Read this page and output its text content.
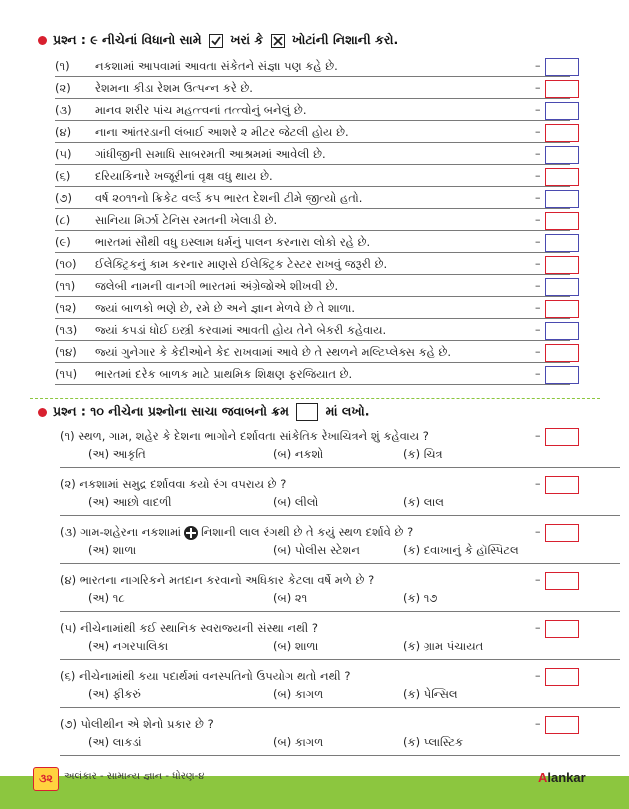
પ્રશ્ન : ૯ નીચેનાં વિધાનો સામે ખરાં કે ☒ ખોટાંની નિશાની કરો.
(૧)	નકશામાં આપવામાં આવતા સંકેતને સંજ્ઞા પણ કહે છે.	–
(૨)	રેશમના કીડા રેશમ ઉત્પન્ન કરે છે.	–
(૩)	માનવ શરીર પાંચ મહત્ત્વનાં તત્ત્વોનું બનેલું છે.	–
(૪)	નાના આંતરડાની લંબાઈ આશરે ૨ મીટર જેટલી હોય છે.	–
(૫)	ગાંધીજીની સમાધિ સાબરમતી આશ્રમમાં આવેલી છે.	–
(૬)	દરિયાકિનારે ખજૂરીનાં વૃક્ષ વધુ થાય છે.	–
(૭)	વર્ષ ૨૦૧૧નો ક્રિકેટ વર્લ્ડ કપ ભારત દેશની ટીમે જીત્યો હતો.	–
(૮)	સાનિયા મિર્ઝા ટેનિસ રમતની ખેલાડી છે.	–
(૯)	ભારતમાં સૌથી વધુ ઇસ્લામ ધર્મનું પાલન કરનારા લોકો રહે છે.	–
(૧૦)	ઈલેક્ટ્રિકનું કામ કરનાર માણસે ઈલેક્ટ્રિક ટેસ્ટર રાખવું જરૂરી છે.	–
(૧૧)	જલેબી નામની વાનગી ભારતમાં અંગ્રેજોએ શીખવી છે.	–
(૧૨)	જ્યાં બાળકો ભણે છે, રમે છે અને જ્ઞાન મેળવે છે તે શાળા.	–
(૧૩)	જ્યાં કપડાં ધોઈ ઇસ્ત્રી કરવામાં આવતી હોય તેને બેકરી કહેવાય.	–
(૧૪)	જ્યાં ગુનેગાર કે કેદીઓને કેદ રાખવામાં આવે છે તે સ્થળને મલ્ટિપ્લેક્સ કહે છે.	–
(૧૫)	ભારતમાં દરેક બાળક માટે પ્રાથમિક શિક્ષણ ફરજિયાત છે.	–
પ્રશ્ન : ૧૦ નીચેના પ્રશ્નોના સાચા જવાબનો ક્રમ	માં લખો.
(૧) સ્થળ, ગામ, શહેર કે દેશના ભાગોને દર્શાવતા સાંકેતિક રેખાચિત્રને શું કહેવાય ?
(અ) આકૃતિ	(બ) નકશો	(ક) ચિત્ર
–
(૨) નકશામાં સમુદ્ર દર્શાવવા કયો રંગ વપરાય છે ?
(અ) આછો વાદળી	(બ) લીલો	(ક) લાલ
–
(૩) ગામ-શહેરના નકશામાં નિશાની લાલ રંગથી છે તે કયું સ્થળ દર્શાવે છે ?
(અ) શાળા	(બ) પોલીસ સ્ટેશન	(ક) દવાખાનું કે હૉસ્પિટલ
–
(૪) ભારતના નાગરિકને મતદાન કરવાનો અધિકાર કેટલા વર્ષે મળે છે ?
(અ) ૧૮	(બ) ૨૧	(ક) ૧૭
–
(૫) નીચેનામાંથી કઈ સ્થાનિક સ્વરાજ્યની સંસ્થા નથી ?
(અ) નગરપાલિકા	(બ) શાળા	(ક) ગ્રામ પંચાયત
–
(૬) નીચેનામાંથી કયા પદાર્થમાં વનસ્પતિનો ઉપયોગ થતો નથી ?
(અ) ફીકરું	(બ) કાગળ	(ક) પેન્સિલ
–
(૭) પોલીથીન એ શેનો પ્રકાર છે ?
(અ) લાકડાં	(બ) કાગળ	(ક) પ્લાસ્ટિક
–
૩૨	અલંકાર - સામાન્ય જ્ઞાન - ધોરણ-૪	Alankar
